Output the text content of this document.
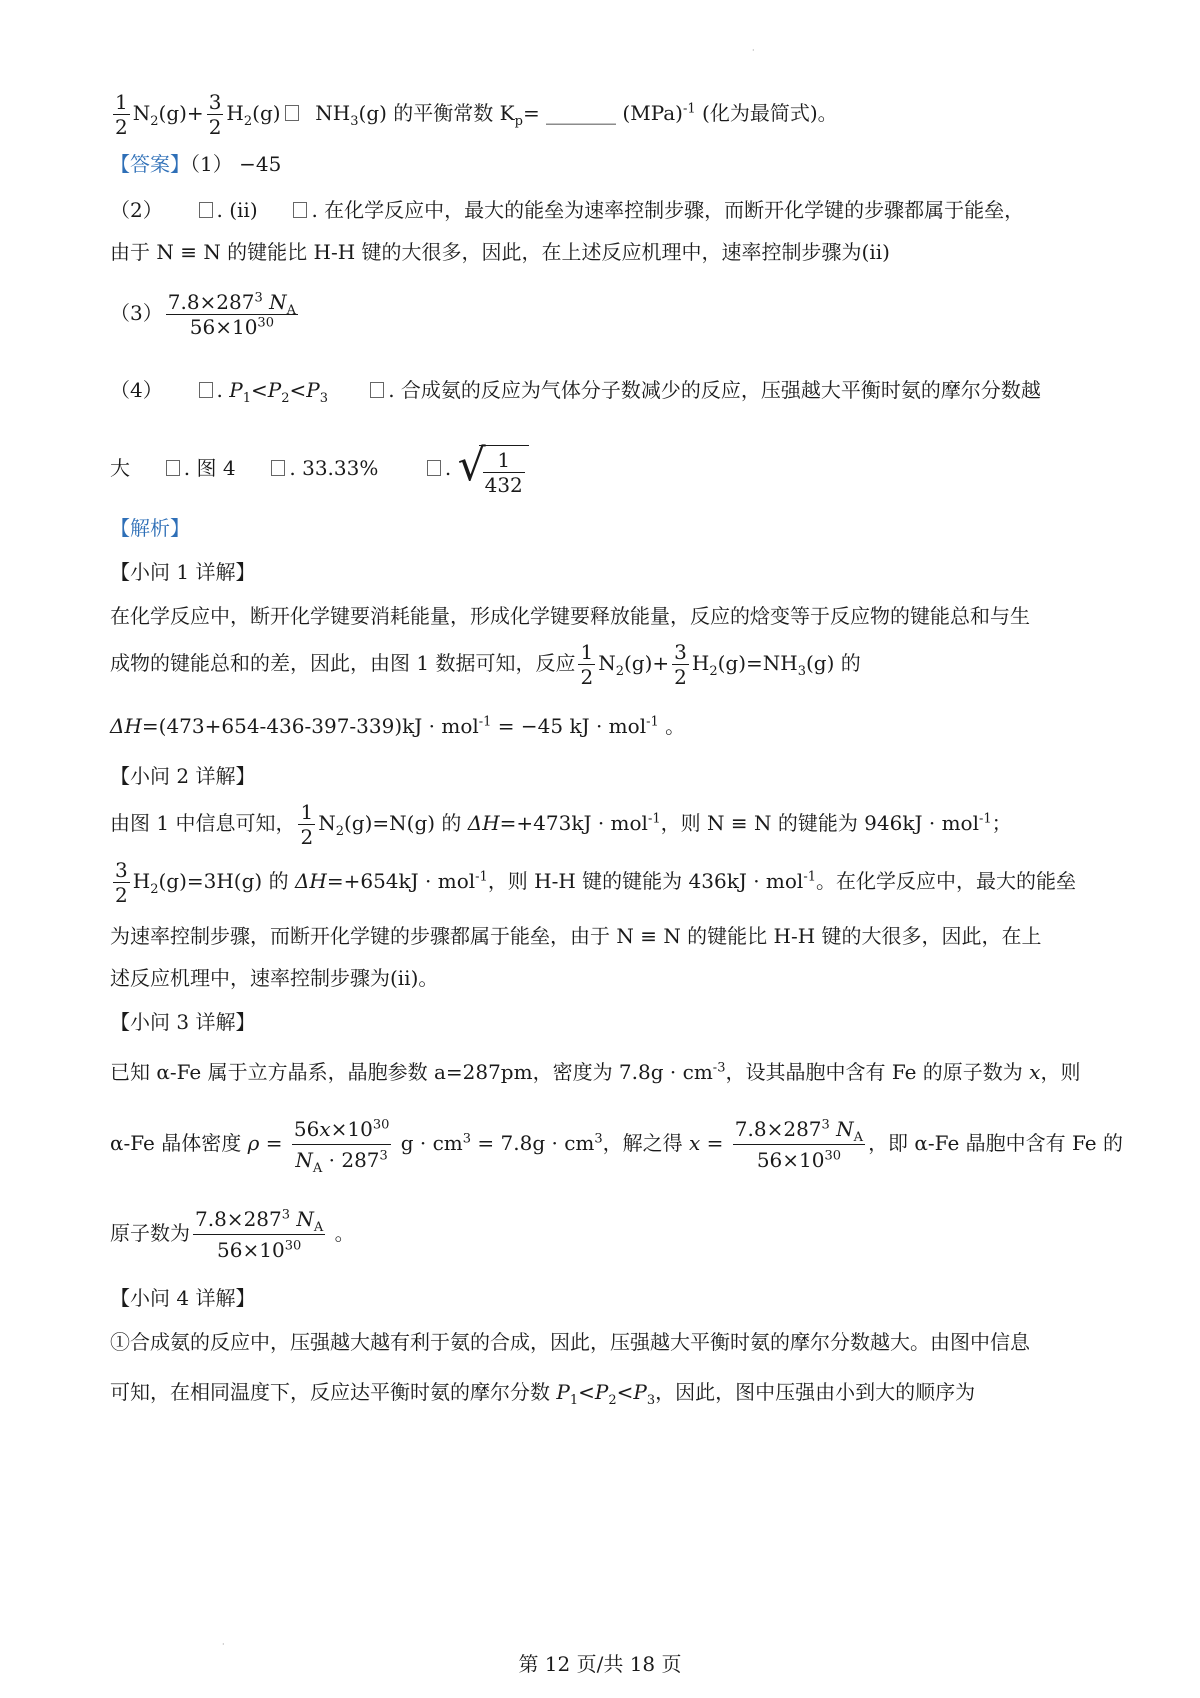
·
$\frac{1}{2} N_2(g)+ \frac{3}{2} H_2(g)$ $NH_3(g)$ 的平衡常数 $K_p=$ _______ (MPa)$^{-1}$ (化为最简式)。
【答案】（1） −45
（2）	. (ⅱ)	. 在化学反应中，最大的能垒为速率控制步骤，而断开化学键的步骤都属于能垒，
由于 N ≡ N 的键能比 H-H 键的大很多，因此，在上述反应机理中，速率控制步骤为(ⅱ)
$(3) \frac{7.8\times 287^3 N_A}{56\times 10^{30}}$
（4）	. $P_1<P_2<P_3$	. 合成氨的反应为气体分子数减少的反应，压强越大平衡时氨的摩尔分数越
大	. 图 4	. 33.33%	. √
$\frac{1}{432}$
【解析】
【小问 1 详解】
在化学反应中，断开化学键要消耗能量，形成化学键要释放能量，反应的焓变等于反应物的键能总和与生
成物的键能总和的差，因此，由图 1 数据可知，反应 $\frac{1}{2} N_2(g)+ \frac{3}{2} H_2(g)=NH_3(g)$ 的
ΔH=(473+654-436-397-339)kJ · mol$^{-1}$ = −45 kJ · mol$^{-1}$ 。
【小问 2 详解】
由图 1 中信息可知， $\frac{1}{2} N_2(g)=N(g)$ 的 ΔH=+473kJ · mol$^{-1}$，则 N ≡ N 的键能为 946kJ · mol$^{-1}$；
$\frac{3}{2} H_2(g)=3H(g)$ 的 ΔH=+654kJ · mol$^{-1}$，则 H-H 键的键能为 436kJ · mol$^{-1}$。在化学反应中，最大的能垒
为速率控制步骤，而断开化学键的步骤都属于能垒，由于 N ≡ N 的键能比 H-H 键的大很多，因此，在上
述反应机理中，速率控制步骤为(ⅱ)。
【小问 3 详解】
已知 α-Fe 属于立方晶系，晶胞参数 a=287pm，密度为 $7.8g \cdot cm^{-3}$，设其晶胞中含有 Fe 的原子数为 x，则
α-Fe 晶体密度 $\rho = \frac{56x\times 10^{30}}{N_A \cdot 287^3}$ $g \cdot cm^3 = 7.8g \cdot cm^3$，解之得 $x = \frac{7.8\times 287^3 N_A}{56\times 10^{30}}$ ，即 α-Fe 晶胞中含有 Fe 的
原子数为 $\frac{7.8\times 287^3 N_A}{56\times 10^{30}}$ 。
【小问 4 详解】
①合成氨的反应中，压强越大越有利于氨的合成，因此，压强越大平衡时氨的摩尔分数越大。由图中信息
可知，在相同温度下，反应达平衡时氨的摩尔分数 $P_1<P_2<P_3$，因此，图中压强由小到大的顺序为
·
第 12 页/共 18 页
